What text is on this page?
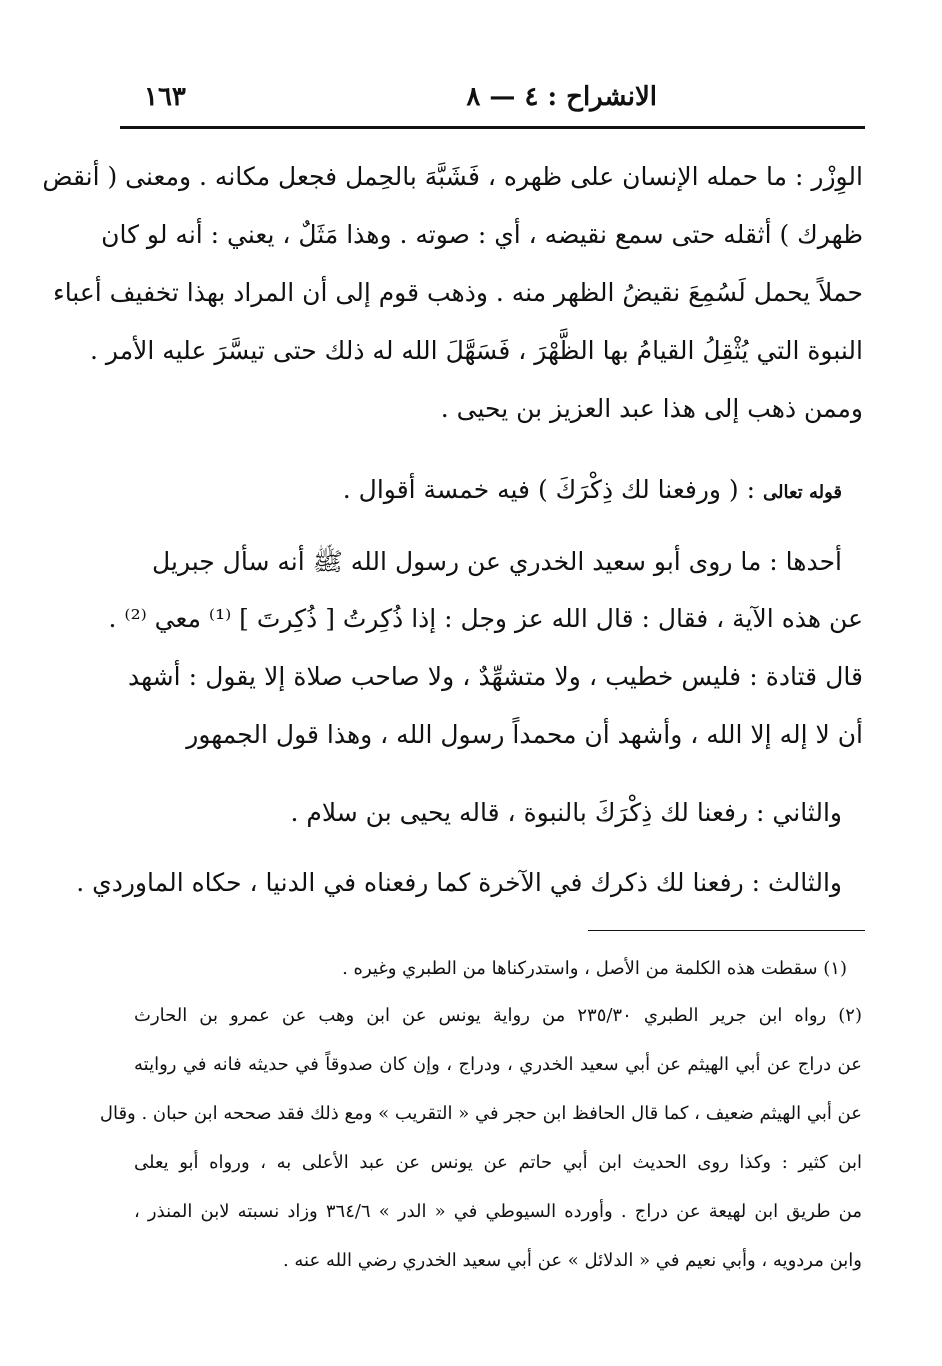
الانشراح : ٤ — ٨
١٦٣
الوِزْر : ما حمله الإنسان على ظهره ، فَشَبَّهَ بالحِمل فجعل مكانه . ومعنى ( أنقض
ظهرك ) أثقله حتى سمع نقيضه ، أي : صوته . وهذا مَثَلٌ ، يعني : أنه لو كان
حملاً يحمل لَسُمِعَ نقيضُ الظهر منه . وذهب قوم إلى أن المراد بهذا تخفيف أعباء
النبوة التي يُثْقِلُ القيامُ بها الظَّهْرَ ، فَسَهَّلَ الله له ذلك حتى تيسَّرَ عليه الأمر .
وممن ذهب إلى هذا عبد العزيز بن يحيى .
قوله تعالى : ( ورفعنا لك ذِكْرَكَ ) فيه خمسة أقوال .
أحدها : ما روى أبو سعيد الخدري عن رسول الله ﷺ أنه سأل جبريل
عن هذه الآية ، فقال : قال الله عز وجل : إذا ذُكِرتُ [ ذُكِرتَ ] ⁽¹⁾ معي ⁽²⁾ .
قال قتادة : فليس خطيب ، ولا متشهِّدٌ ، ولا صاحب صلاة إلا يقول : أشهد
أن لا إله إلا الله ، وأشهد أن محمداً رسول الله ، وهذا قول الجمهور
والثاني : رفعنا لك ذِكْرَكَ بالنبوة ، قاله يحيى بن سلام .
والثالث : رفعنا لك ذكرك في الآخرة كما رفعناه في الدنيا ، حكاه الماوردي .
(١) سقطت هذه الكلمة من الأصل ، واستدركناها من الطبري وغيره .
(٢) رواه ابن جرير الطبري ٢٣٥/٣٠ من رواية يونس عن ابن وهب عن عمرو بن الحارث
عن دراج عن أبي الهيثم عن أبي سعيد الخدري ، ودراج ، وإن كان صدوقاً في حديثه فانه في روايته
عن أبي الهيثم ضعيف ، كما قال الحافظ ابن حجر في « التقريب » ومع ذلك فقد صححه ابن حبان . وقال
ابن كثير : وكذا روى الحديث ابن أبي حاتم عن يونس عن عبد الأعلى به ، ورواه أبو يعلى
من طريق ابن لهيعة عن دراج . وأورده السيوطي في « الدر » ٣٦٤/٦ وزاد نسبته لابن المنذر ،
وابن مردويه ، وأبي نعيم في « الدلائل » عن أبي سعيد الخدري رضي الله عنه .
